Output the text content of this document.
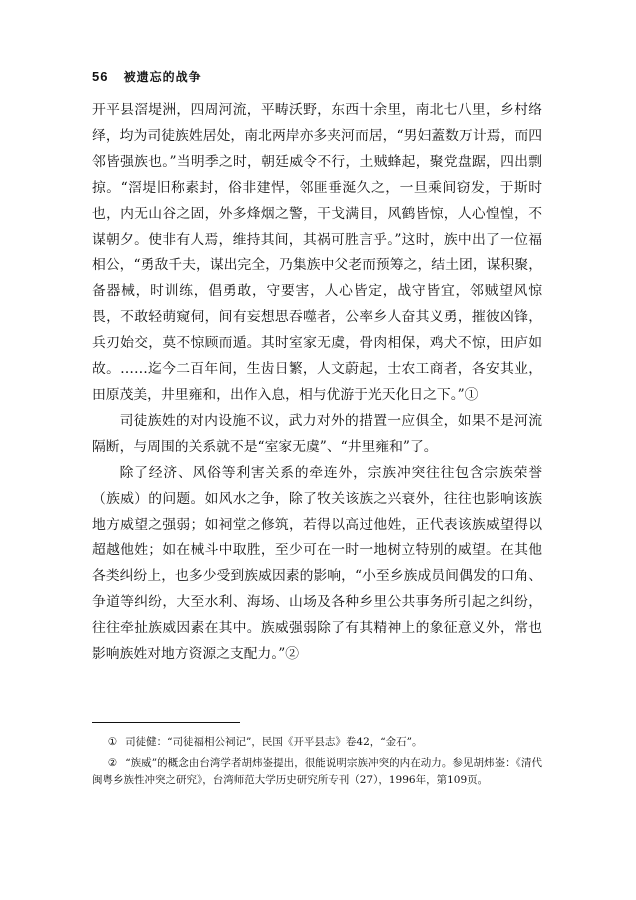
56 被遗忘的战争

开平县滘堤洲，四周河流，平畴沃野，东西十余里，南北七八里，乡村络绎，均为司徒族姓居处，南北两岸亦多夹河而居，“男妇蓋数万计焉，而四邻皆强族也。”当明季之时，朝廷威令不行，土贼蜂起，聚党盘踞，四出剽掠。“滘堤旧称素封，俗非建悍，邻匪垂涎久之，一旦乘间窃发，于斯时也，内无山谷之固，外多烽烟之警，干戈满目，风鹤皆惊，人心惶惶，不谋朝夕。使非有人焉，维持其间，其祸可胜言乎。”这时，族中出了一位福相公，“勇敌千夫，谋出完全，乃集族中父老而预筹之，结土团，谋积聚，备器械，时训练，倡勇敢，守要害，人心皆定，战守皆宜，邻贼望风惊畏，不敢轻萌窥伺，间有妄想思吞噬者，公率乡人奋其义勇，摧彼凶锋，兵刃始交，莫不惊顾而遁。其时室家无虞，骨肉相保，鸡犬不惊，田庐如故。……迄今二百年间，生齿日繁，人文蔚起，士农工商者，各安其业，田原茂美，井里雍和，出作入息，相与优游于光天化日之下。”①

司徒族姓的对内设施不议，武力对外的措置一应俱全，如果不是河流隔断，与周围的关系就不是“室家无虞”、“井里雍和”了。

除了经济、风俗等利害关系的牵连外，宗族冲突往往包含宗族荣誉（族威）的问题。如风水之争，除了牧关该族之兴衰外，往往也影响该族地方威望之强弱；如祠堂之修筑，若得以高过他姓，正代表该族威望得以超越他姓；如在械斗中取胜，至少可在一时一地树立特别的威望。在其他各类纠纷上，也多少受到族威因素的影响，“小至乡族成员间偶发的口角、争道等纠纷，大至水利、海场、山场及各种乡里公共事务所引起之纠纷，往往牵扯族威因素在其中。族威强弱除了有其精神上的象征意义外，常也影响族姓对地方资源之支配力。”②

① 司徒健：“司徒福相公祠记”，民国《开平县志》卷42，“金石”。

② “族威”的概念由台湾学者胡炜崟提出，很能说明宗族冲突的内在动力。参见胡炜崟：《清代闽粤乡族性冲突之研究》，台湾师范大学历史研究所专刊（27），1996年，第109页。
